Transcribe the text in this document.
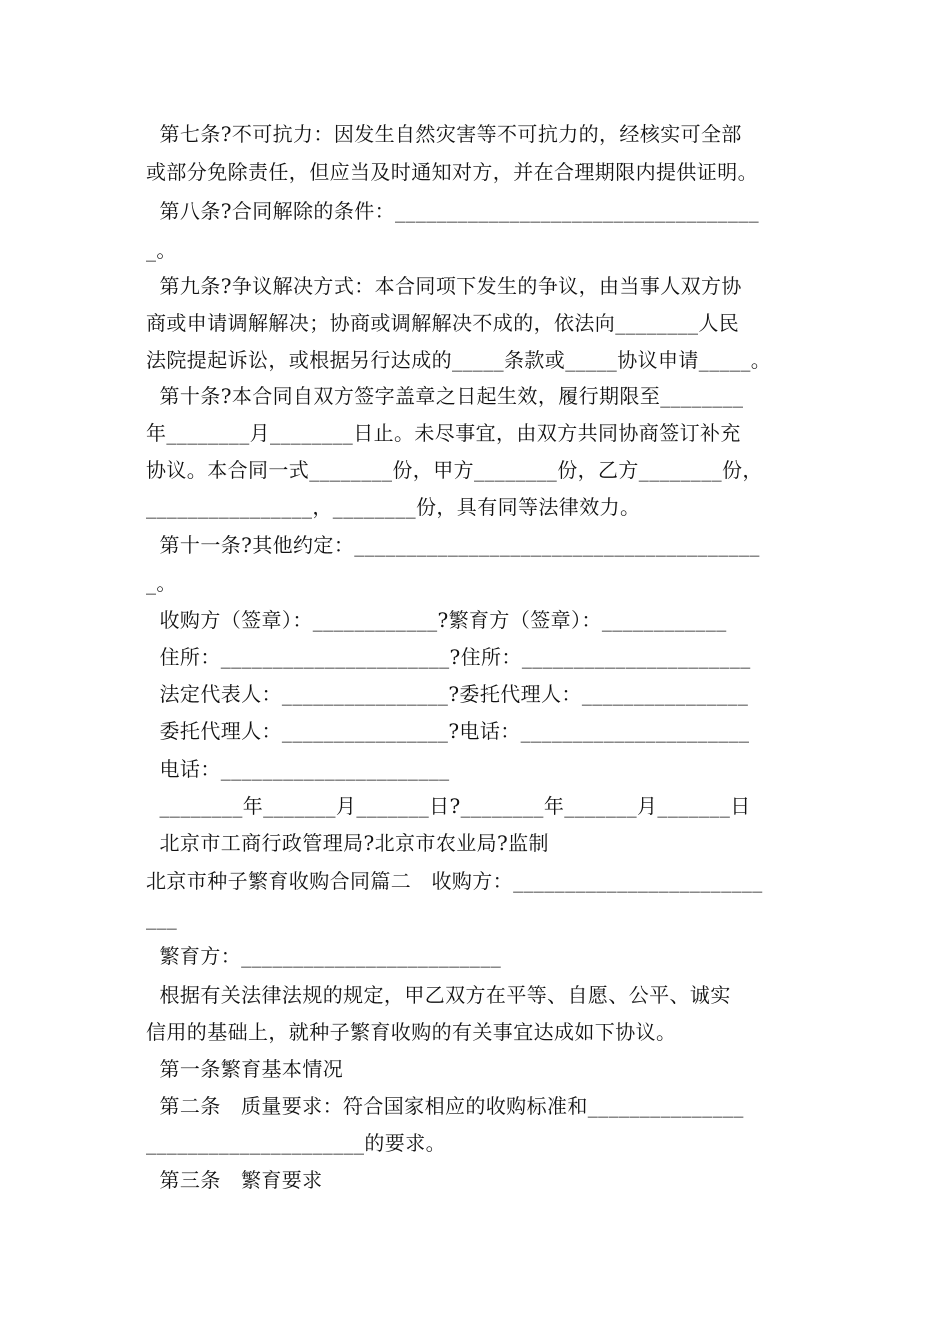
第七条?不可抗力：因发生自然灾害等不可抗力的，经核实可全部
或部分免除责任，但应当及时通知对方，并在合理期限内提供证明。
第八条?合同解除的条件：___________________________________
_。
第九条?争议解决方式：本合同项下发生的争议，由当事人双方协
商或申请调解解决；协商或调解解决不成的，依法向________人民
法院提起诉讼，或根据另行达成的_____条款或_____协议申请_____。
第十条?本合同自双方签字盖章之日起生效，履行期限至________
年________月________日止。未尽事宜，由双方共同协商签订补充
协议。本合同一式________份，甲方________份，乙方________份，
________________，________份，具有同等法律效力。
第十一条?其他约定：_______________________________________
_。
收购方（签章）：____________?繁育方（签章）：____________
住所：______________________?住所：______________________
法定代表人：________________?委托代理人：________________
委托代理人：________________?电话：______________________
电话：______________________
________年_______月_______日?________年_______月_______日
北京市工商行政管理局?北京市农业局?监制
北京市种子繁育收购合同篇二   收购方：________________________
___
繁育方：_________________________
根据有关法律法规的规定，甲乙双方在平等、自愿、公平、诚实
信用的基础上，就种子繁育收购的有关事宜达成如下协议。
第一条繁育基本情况
第二条   质量要求：符合国家相应的收购标准和_______________
_____________________的要求。
第三条   繁育要求
